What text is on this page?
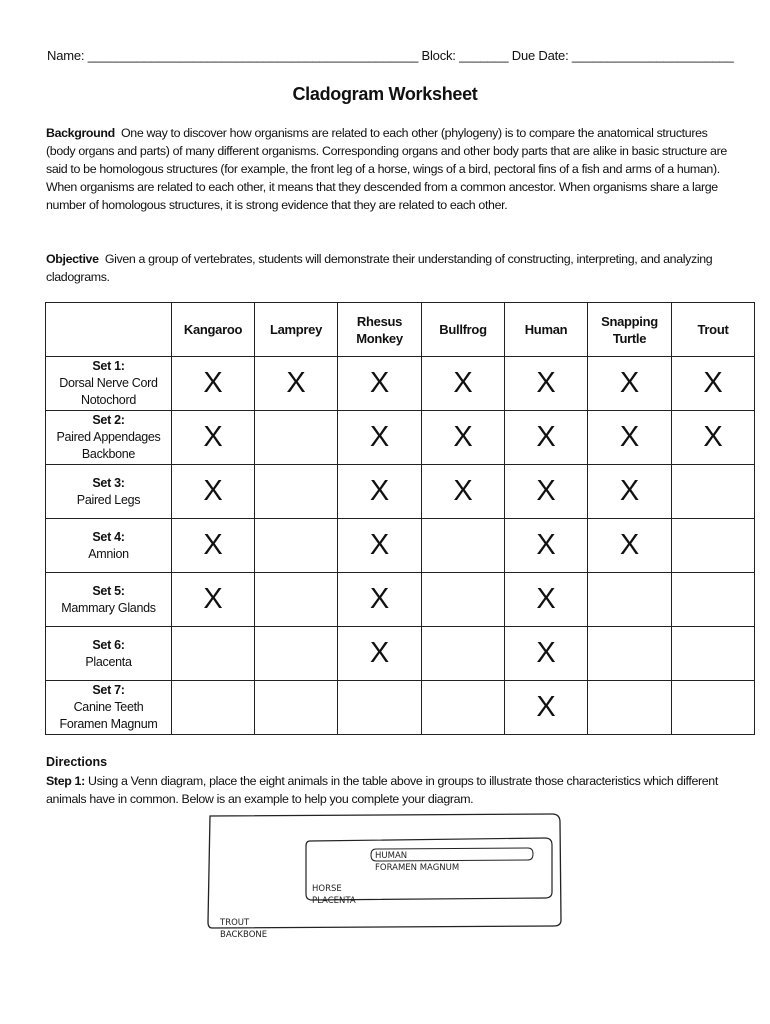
Name: _______________________________________________ Block: _______ Due Date: _______________________
Cladogram Worksheet
Background One way to discover how organisms are related to each other (phylogeny) is to compare the anatomical structures (body organs and parts) of many different organisms. Corresponding organs and other body parts that are alike in basic structure are said to be homologous structures (for example, the front leg of a horse, wings of a bird, pectoral fins of a fish and arms of a human). When organisms are related to each other, it means that they descended from a common ancestor. When organisms share a large number of homologous structures, it is strong evidence that they are related to each other.
Objective Given a group of vertebrates, students will demonstrate their understanding of constructing, interpreting, and analyzing cladograms.
	Kangaroo	Lamprey	Rhesus Monkey	Bullfrog	Human	Snapping Turtle	Trout

Set 1:
Dorsal Nerve Cord
Notochord	X	X	X	X	X	X	X

Set 2:
Paired Appendages
Backbone	X		X	X	X	X	X

Set 3:
Paired Legs	X		X	X	X	X	

Set 4:
Amnion	X		X		X	X	

Set 5:
Mammary Glands	X		X		X		

Set 6:
Placenta			X		X		

Set 7:
Canine Teeth
Foramen Magnum					X		
Directions
Step 1: Using a Venn diagram, place the eight animals in the table above in groups to illustrate those characteristics which different animals have in common. Below is an example to help you complete your diagram.
HUMAN
FORAMEN MAGNUM
HORSE
PLACENTA
TROUT
BACKBONE
